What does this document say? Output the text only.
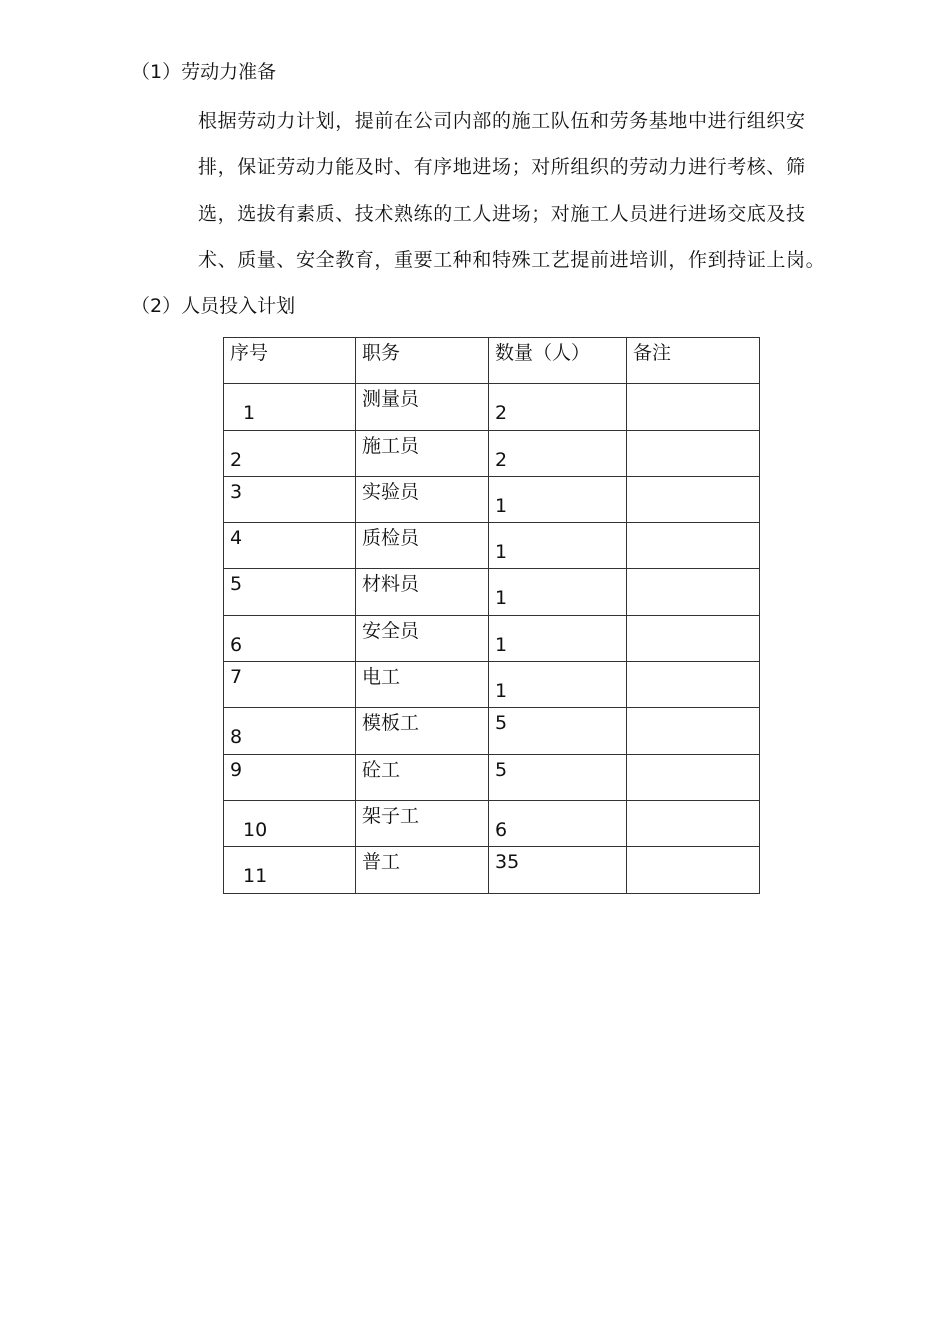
（1）劳动力准备

根据劳动力计划，提前在公司内部的施工队伍和劳务基地中进行组织安
排，保证劳动力能及时、有序地进场；对所组织的劳动力进行考核、筛
选，选拔有素质、技术熟练的工人进场；对施工人员进行进场交底及技
术、质量、安全教育，重要工种和特殊工艺提前进培训，作到持证上岗。

（2）人员投入计划
序号	职务	数量（人）	备注

1	测量员	2	

2	施工员	2	

3	实验员	1	

4	质检员	1	

5	材料员	1	

6	安全员	1	

7	电工	1	

8	模板工	5	

9	砼工	5	

10	架子工	6	

11	普工	35	
